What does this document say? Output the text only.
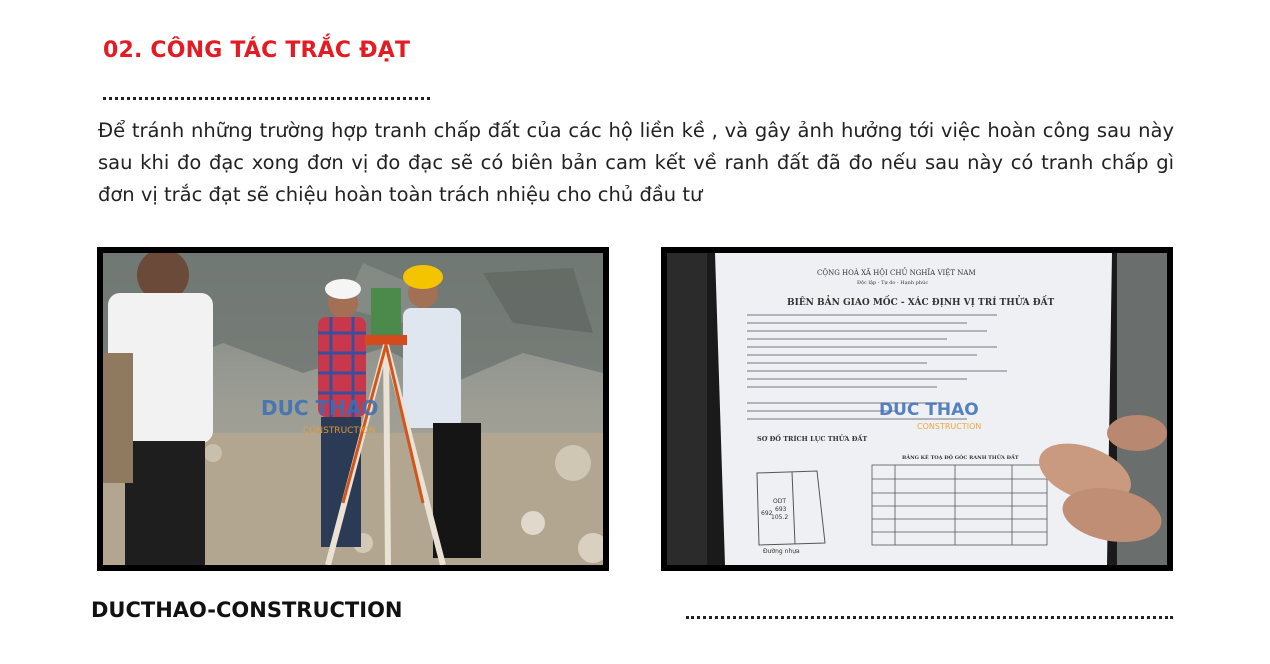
02. CÔNG TÁC TRẮC ĐẠT
Để tránh những trường hợp tranh chấp đất của các hộ liền kề , và gây ảnh hưởng tới việc hoàn công sau này sau khi đo đạc xong đơn vị đo đạc sẽ có biên bản cam kết về ranh đất đã đo nếu sau này có tranh chấp gì đơn vị trắc đạt sẽ chiệu hoàn toàn trách nhiệu cho chủ đầu tư
DUC THAO
CONSTRUCTION
CỘNG HOÀ XÃ HỘI CHỦ NGHĨA VIỆT NAM
Độc lập - Tự do - Hạnh phúc
BIÊN BẢN GIAO MỐC - XÁC ĐỊNH VỊ TRÍ THỬA ĐẤT
SƠ ĐỒ TRÍCH LỤC THỬA ĐẤT
ODT
693
105.2
692
Đường nhựa
BẢNG KÊ TOẠ ĐỘ GÓC RANH THỬA ĐẤT
DUC THAO
CONSTRUCTION
DUCTHAO-CONSTRUCTION
